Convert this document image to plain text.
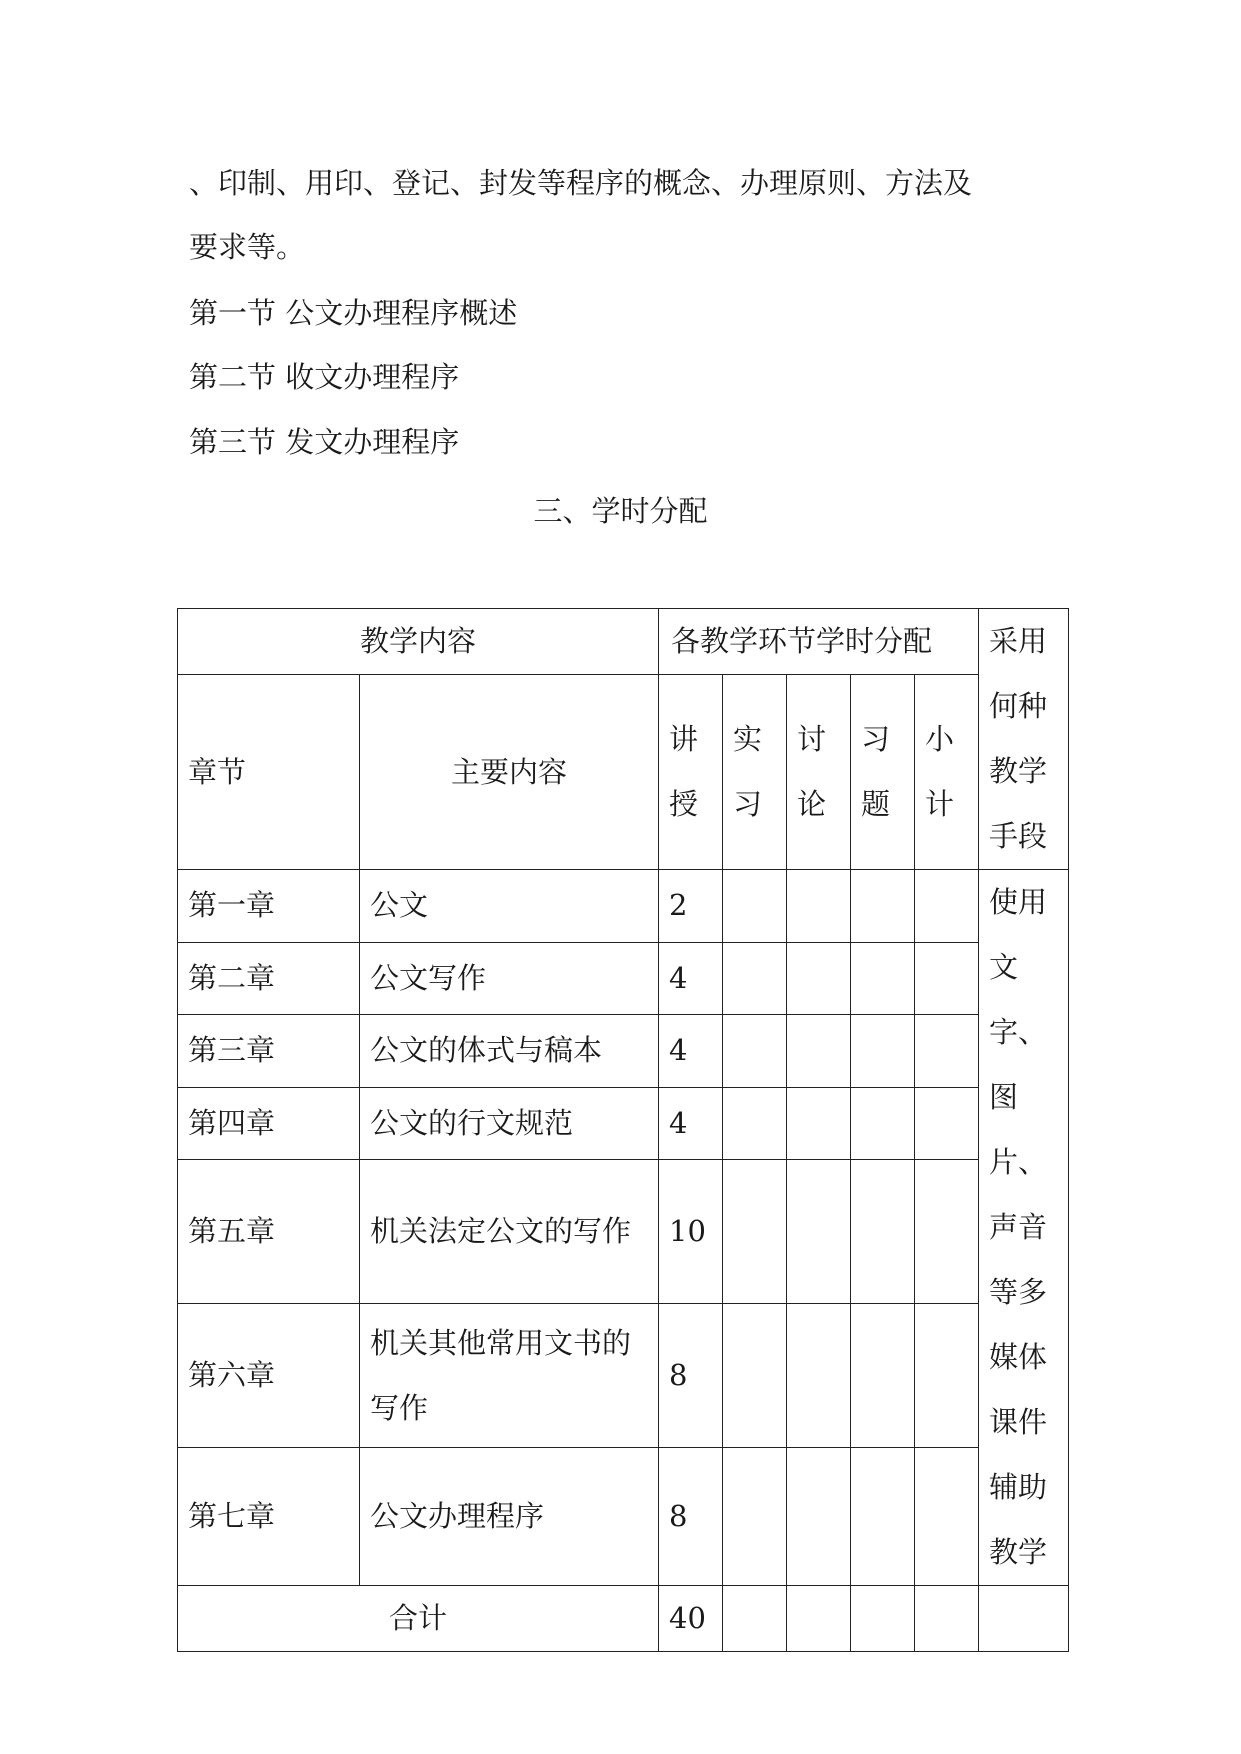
、印制、用印、登记、封发等程序的概念、办理原则、方法及
要求等。
第一节 公文办理程序概述
第二节 收文办理程序
第三节 发文办理程序
三、学时分配
教学内容		各教学环节学时分配					采用何种教学手段
章节	主要内容	讲授	实习	讨论	习题	小计	
第一章	公文	2					使用文字、图片、声音等多媒体课件辅助教学
第二章	公文写作	4					
第三章	公文的体式与稿本	4					
第四章	公文的行文规范	4					
第五章	机关法定公文的写作	10					
第六章	机关其他常用文书的写作	8					
第七章	公文办理程序	8					
合计		40					
